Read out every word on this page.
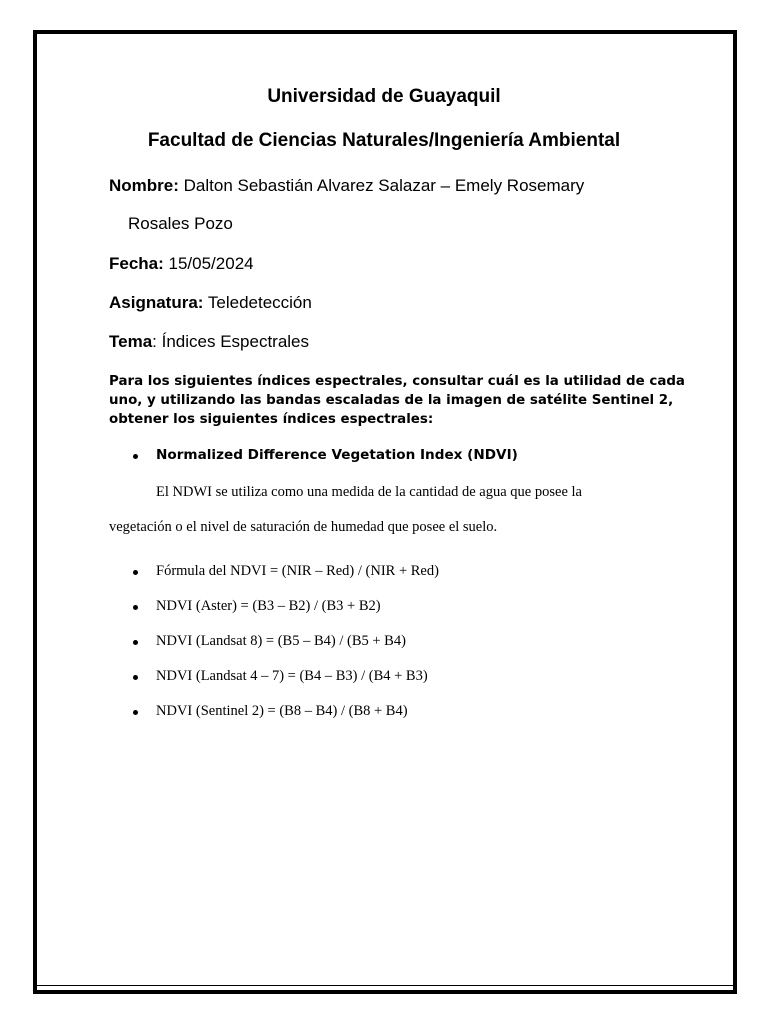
Universidad de Guayaquil
Facultad de Ciencias Naturales/Ingeniería Ambiental
Nombre: Dalton Sebastián Alvarez Salazar – Emely Rosemary
Rosales Pozo
Fecha: 15/05/2024
Asignatura: Teledetección
Tema: Índices Espectrales
Para los siguientes índices espectrales, consultar cuál es la utilidad de cada
uno, y utilizando las bandas escaladas de la imagen de satélite Sentinel 2,
obtener los siguientes índices espectrales:
Normalized Difference Vegetation Index (NDVI)
El NDWI se utiliza como una medida de la cantidad de agua que posee la
vegetación o el nivel de saturación de humedad que posee el suelo.
Fórmula del NDVI = (NIR – Red) / (NIR + Red)
NDVI (Aster) = (B3 – B2) / (B3 + B2)
NDVI (Landsat 8) = (B5 – B4) / (B5 + B4)
NDVI (Landsat 4 – 7) = (B4 – B3) / (B4 + B3)
NDVI (Sentinel 2) = (B8 – B4) / (B8 + B4)
